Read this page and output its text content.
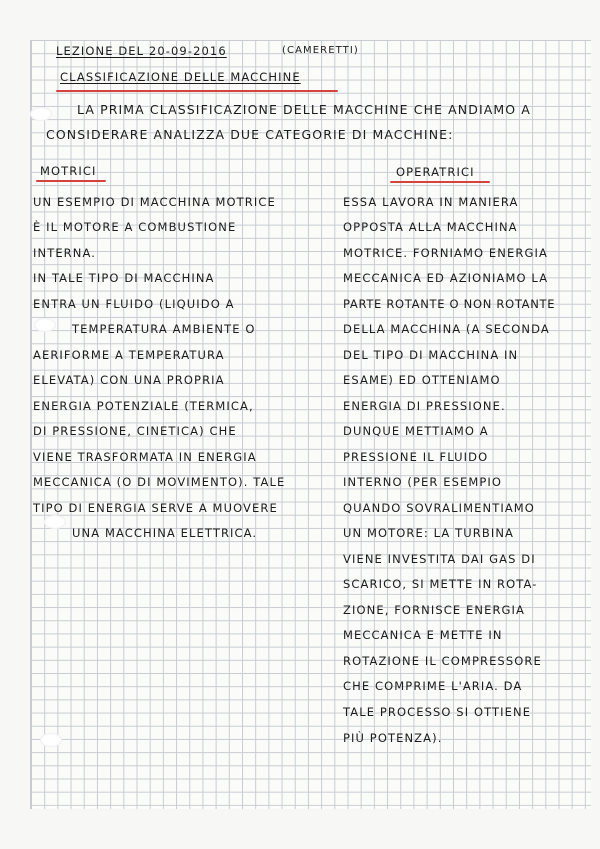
LEZIONE DEL 20-09-2016	(CAMERETTI)
CLASSIFICAZIONE DELLE MACCHINE
LA PRIMA CLASSIFICAZIONE DELLE MACCHINE CHE ANDIAMO A
CONSIDERARE ANALIZZA DUE CATEGORIE DI MACCHINE:
MOTRICI	OPERATRICI
UN ESEMPIO DI MACCHINA MOTRICE
È IL MOTORE A COMBUSTIONE
INTERNA.
IN TALE TIPO DI MACCHINA
ENTRA UN FLUIDO (LIQUIDO A
TEMPERATURA AMBIENTE O
AERIFORME A TEMPERATURA
ELEVATA) CON UNA PROPRIA
ENERGIA POTENZIALE (TERMICA,
DI PRESSIONE, CINETICA) CHE
VIENE TRASFORMATA IN ENERGIA
MECCANICA (O DI MOVIMENTO). TALE
TIPO DI ENERGIA SERVE A MUOVERE
UNA MACCHINA ELETTRICA.
ESSA LAVORA IN MANIERA
OPPOSTA ALLA MACCHINA
MOTRICE. FORNIAMO ENERGIA
MECCANICA ED AZIONIAMO LA
PARTE ROTANTE O NON ROTANTE
DELLA MACCHINA (A SECONDA
DEL TIPO DI MACCHINA IN
ESAME) ED OTTENIAMO
ENERGIA DI PRESSIONE.
DUNQUE METTIAMO A
PRESSIONE IL FLUIDO
INTERNO (PER ESEMPIO
QUANDO SOVRALIMENTIAMO
UN MOTORE: LA TURBINA
VIENE INVESTITA DAI GAS DI
SCARICO, SI METTE IN ROTA-
ZIONE, FORNISCE ENERGIA
MECCANICA E METTE IN
ROTAZIONE IL COMPRESSORE
CHE COMPRIME L'ARIA. DA
TALE PROCESSO SI OTTIENE
PIÙ POTENZA).
